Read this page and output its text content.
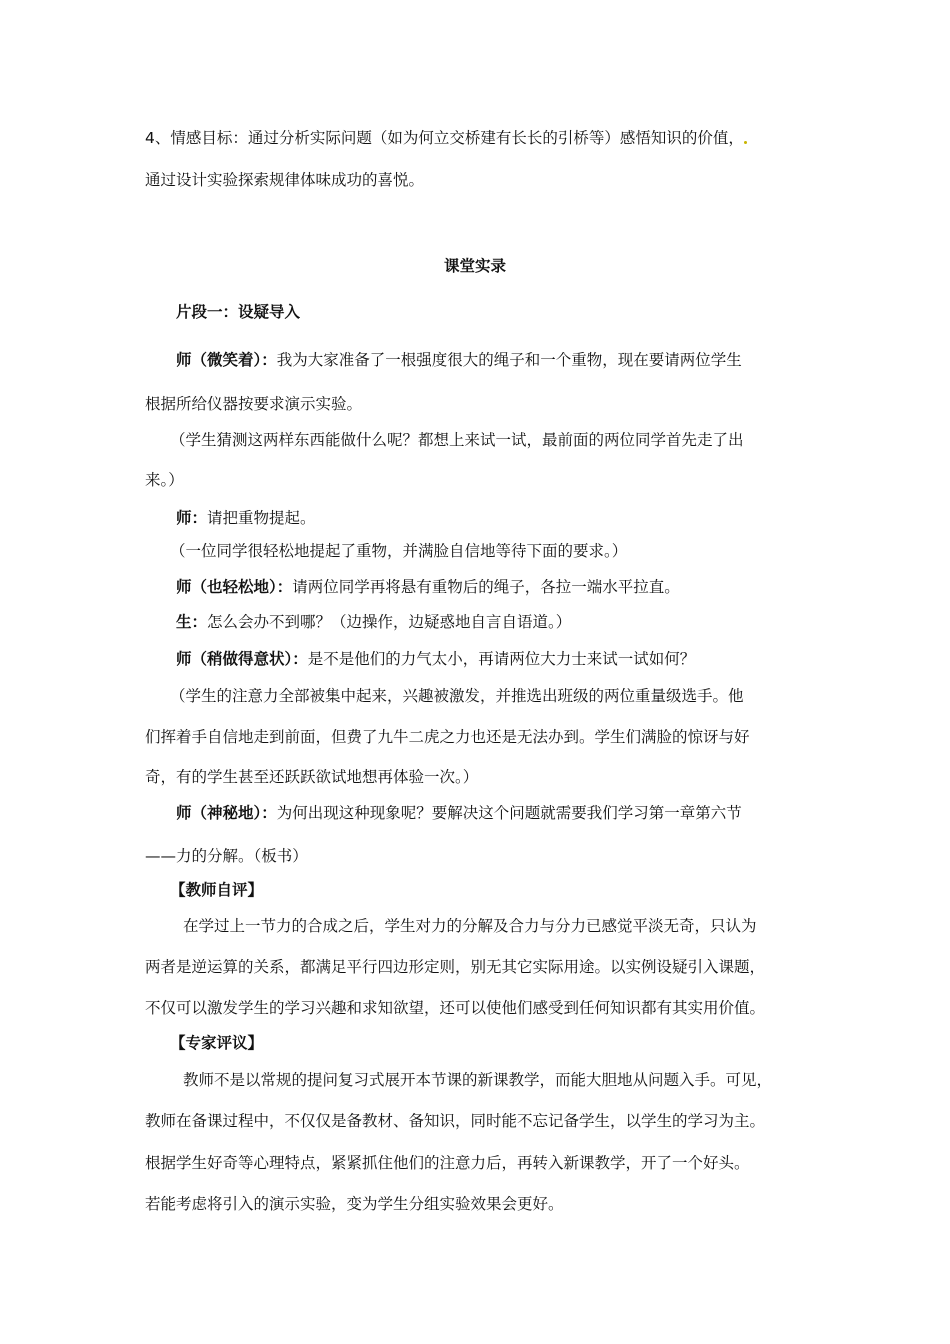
4、情感目标：通过分析实际问题（如为何立交桥建有长长的引桥等）感悟知识的价值，
通过设计实验探索规律体味成功的喜悦。
课堂实录
片段一：设疑导入
师（微笑着）：我为大家准备了一根强度很大的绳子和一个重物，现在要请两位学生
根据所给仪器按要求演示实验。
（学生猜测这两样东西能做什么呢？都想上来试一试，最前面的两位同学首先走了出
来。）
师：请把重物提起。
（一位同学很轻松地提起了重物，并满脸自信地等待下面的要求。）
师（也轻松地）：请两位同学再将悬有重物后的绳子，各拉一端水平拉直。
生：怎么会办不到哪？（边操作，边疑惑地自言自语道。）
师（稍做得意状）：是不是他们的力气太小，再请两位大力士来试一试如何？
（学生的注意力全部被集中起来，兴趣被激发，并推选出班级的两位重量级选手。他
们挥着手自信地走到前面，但费了九牛二虎之力也还是无法办到。学生们满脸的惊讶与好
奇，有的学生甚至还跃跃欲试地想再体验一次。）
师（神秘地）：为何出现这种现象呢？要解决这个问题就需要我们学习第一章第六节
——力的分解。（板书）
【教师自评】
在学过上一节力的合成之后，学生对力的分解及合力与分力已感觉平淡无奇，只认为
两者是逆运算的关系，都满足平行四边形定则，别无其它实际用途。以实例设疑引入课题，
不仅可以激发学生的学习兴趣和求知欲望，还可以使他们感受到任何知识都有其实用价值。
【专家评议】
教师不是以常规的提问复习式展开本节课的新课教学，而能大胆地从问题入手。可见，
教师在备课过程中，不仅仅是备教材、备知识，同时能不忘记备学生，以学生的学习为主。
根据学生好奇等心理特点，紧紧抓住他们的注意力后，再转入新课教学，开了一个好头。
若能考虑将引入的演示实验，变为学生分组实验效果会更好。
